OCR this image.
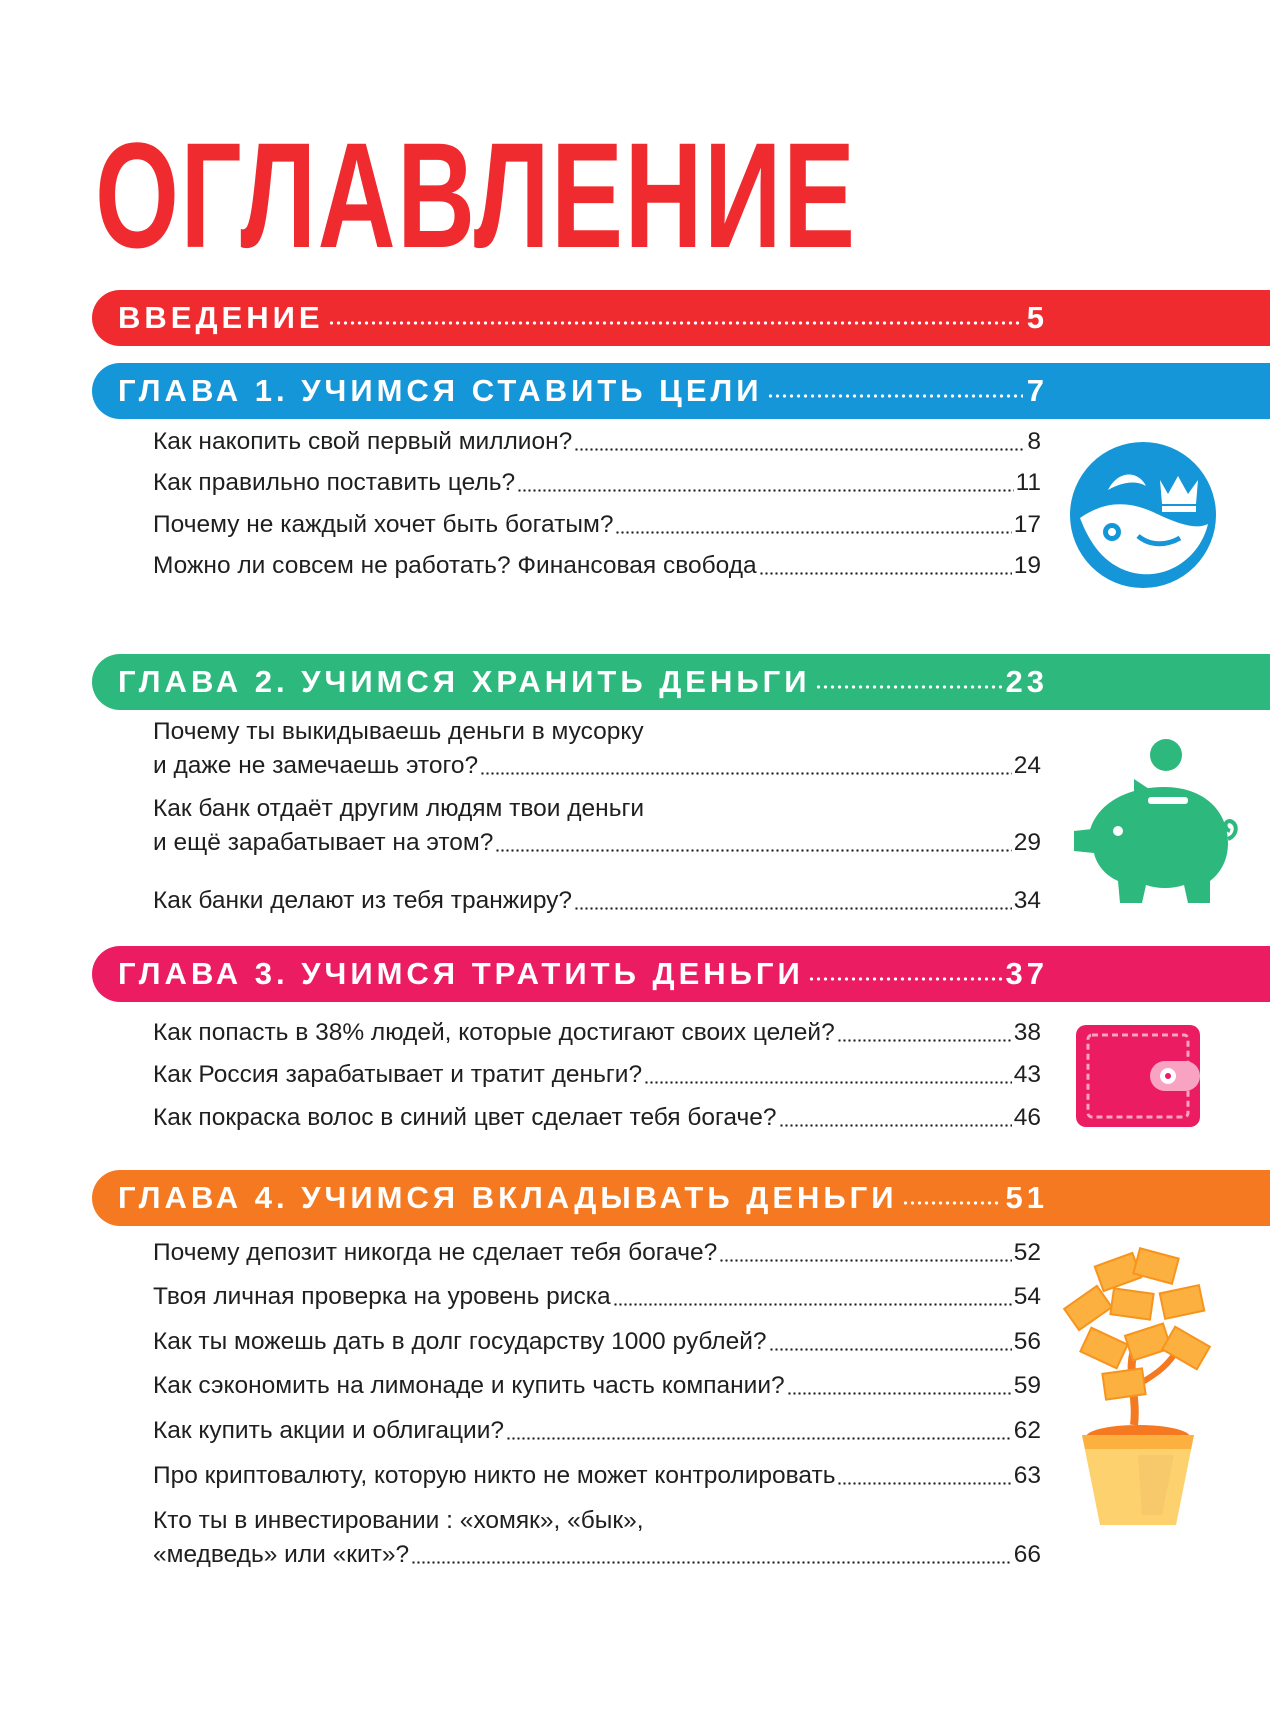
ОГЛАВЛЕНИЕ
ВВЕДЕНИЕ	5
ГЛАВА 1. УЧИМСЯ СТАВИТЬ ЦЕЛИ	7
Как накопить свой первый миллион?	8
Как правильно поставить цель?	11
Почему не каждый хочет быть богатым?	17
Можно ли совсем не работать? Финансовая свобода	19
ГЛАВА 2. УЧИМСЯ ХРАНИТЬ ДЕНЬГИ	23
Почему ты выкидываешь деньги в мусорку
и даже не замечаешь этого?	24
Как банк отдаёт другим людям твои деньги
и ещё зарабатывает на этом?	29
Как банки делают из тебя транжиру?	34
ГЛАВА 3. УЧИМСЯ ТРАТИТЬ ДЕНЬГИ	37
Как попасть в 38% людей, которые достигают своих целей?	38
Как Россия зарабатывает и тратит деньги?	43
Как покраска волос в синий цвет сделает тебя богаче?	46
ГЛАВА 4. УЧИМСЯ ВКЛАДЫВАТЬ ДЕНЬГИ	51
Почему депозит никогда не сделает тебя богаче?	52
Твоя личная проверка на уровень риска	54
Как ты можешь дать в долг государству 1000 рублей?	56
Как сэкономить на лимонаде и купить часть компании?	59
Как купить акции и облигации?	62
Про криптовалюту, которую никто не может контролировать	63
Кто ты в инвестировании : «хомяк», «бык»,
«медведь» или «кит»?	66
